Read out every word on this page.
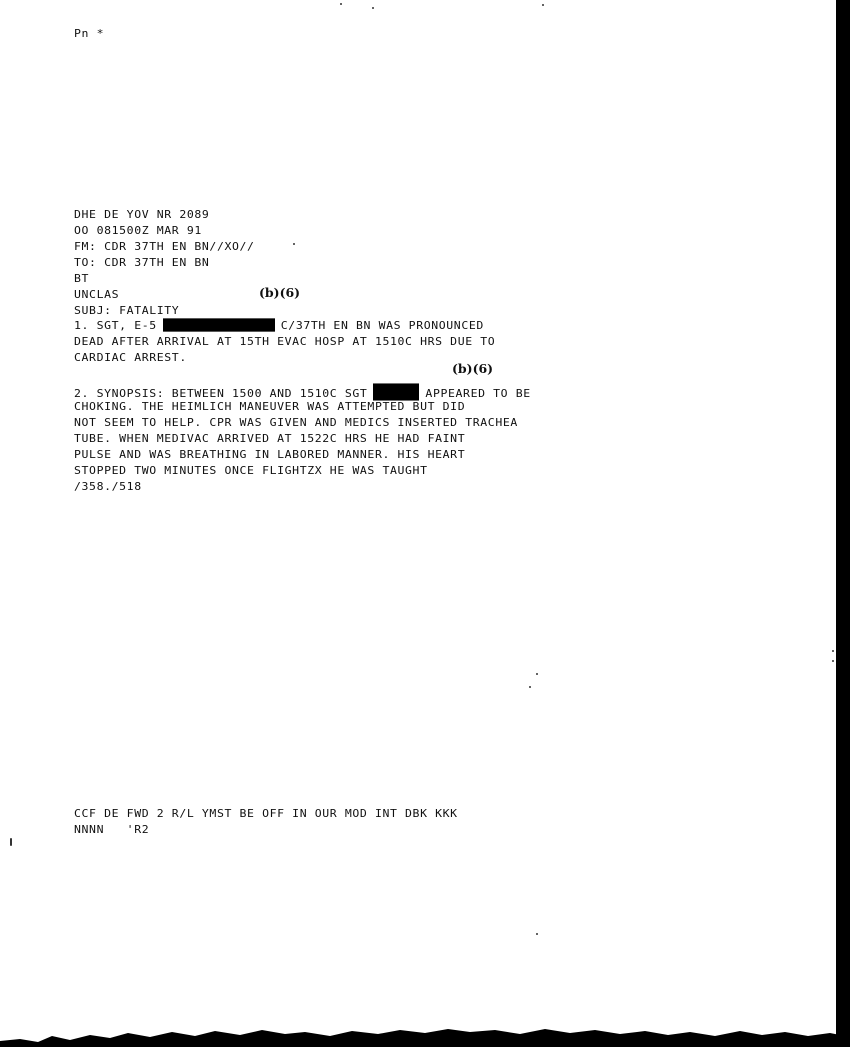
Pn *
DHE DE YOV NR 2089
OO 081500Z MAR 91
FM: CDR 37TH EN BN//XO//
TO: CDR 37TH EN BN
BT
UNCLAS	(b)(6)
SUBJ: FATALITY
1. SGT, E-5	C/37TH EN BN WAS PRONOUNCED
DEAD AFTER ARRIVAL AT 15TH EVAC HOSP AT 1510C HRS DUE TO
CARDIAC ARREST.
(b)(6)
2. SYNOPSIS: BETWEEN 1500 AND 1510C SGT	APPEARED TO BE
CHOKING. THE HEIMLICH MANEUVER WAS ATTEMPTED BUT DID
NOT SEEM TO HELP. CPR WAS GIVEN AND MEDICS INSERTED TRACHEA
TUBE. WHEN MEDIVAC ARRIVED AT 1522C HRS HE HAD FAINT
PULSE AND WAS BREATHING IN LABORED MANNER. HIS HEART
STOPPED TWO MINUTES ONCE FLIGHTZX HE WAS TAUGHT
/358./518
CCF DE FWD 2 R/L YMST BE OFF IN OUR MOD INT DBK KKK
NNNN   'R2
